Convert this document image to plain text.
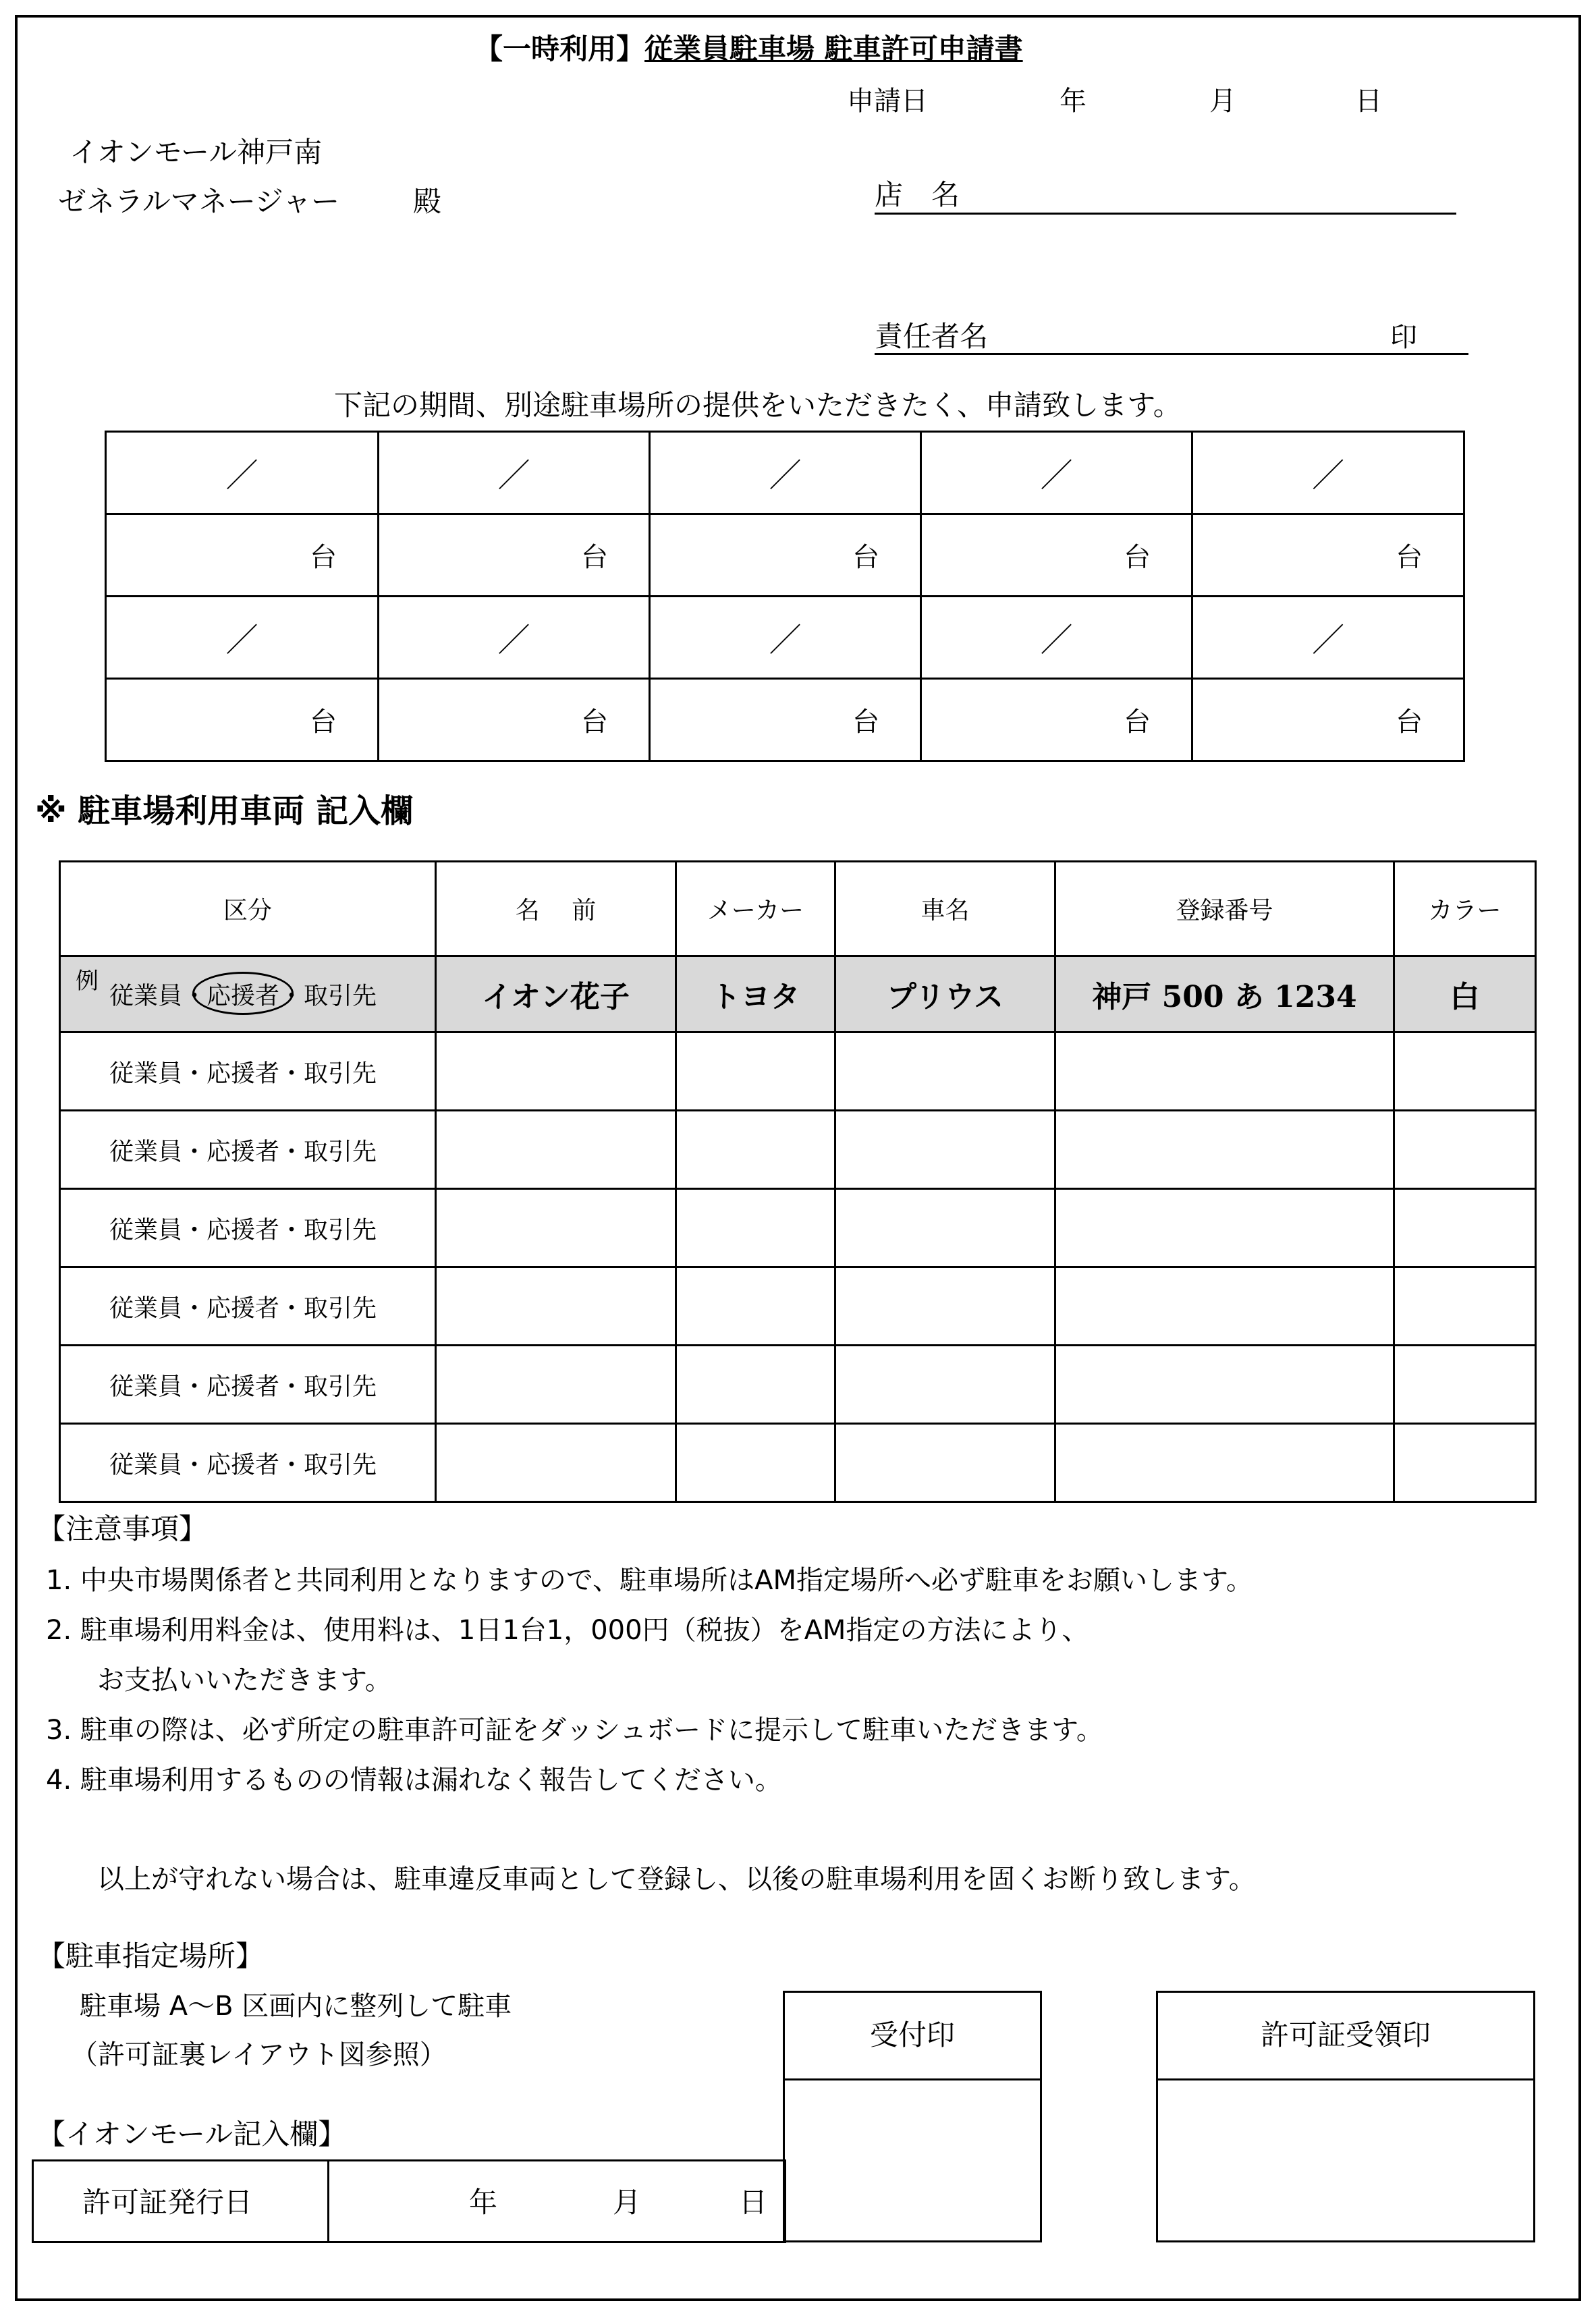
【一時利用】従業員駐車場 駐車許可申請書
申請日	年	月	日
イオンモール神戸南
ゼネラルマネージャー	殿	店　名
責任者名	印
下記の期間、別途駐車場所の提供をいただきたく、申請致します。
／	／	／	／	／
台	台	台	台	台
／	／	／	／	／
台	台	台	台	台
※ 駐車場利用車両 記入欄
区分	名　 前	メーカー	車名	登録番号	カラー

例
従業員・応援者・取引先	イオン花子	トヨタ	プリウス	神戸 500 あ 1234	白

従業員・応援者・取引先					

従業員・応援者・取引先					

従業員・応援者・取引先					

従業員・応援者・取引先					

従業員・応援者・取引先					

従業員・応援者・取引先					

【注意事項】
1. 中央市場関係者と共同利用となりますので、駐車場所はAM指定場所へ必ず駐車をお願いします。
2. 駐車場利用料金は、使用料は、1日1台1，000円（税抜）をAM指定の方法により、
お支払いいただきます。
3. 駐車の際は、必ず所定の駐車許可証をダッシュボードに提示して駐車いただきます。
4. 駐車場利用するものの情報は漏れなく報告してください。
以上が守れない場合は、駐車違反車両として登録し、以後の駐車場利用を固くお断り致します。
【駐車指定場所】
駐車場 A～B 区画内に整列して駐車
（許可証裏レイアウト図参照）
【イオンモール記入欄】
許可証発行日	年	月	日
受付印	許可証受領印
